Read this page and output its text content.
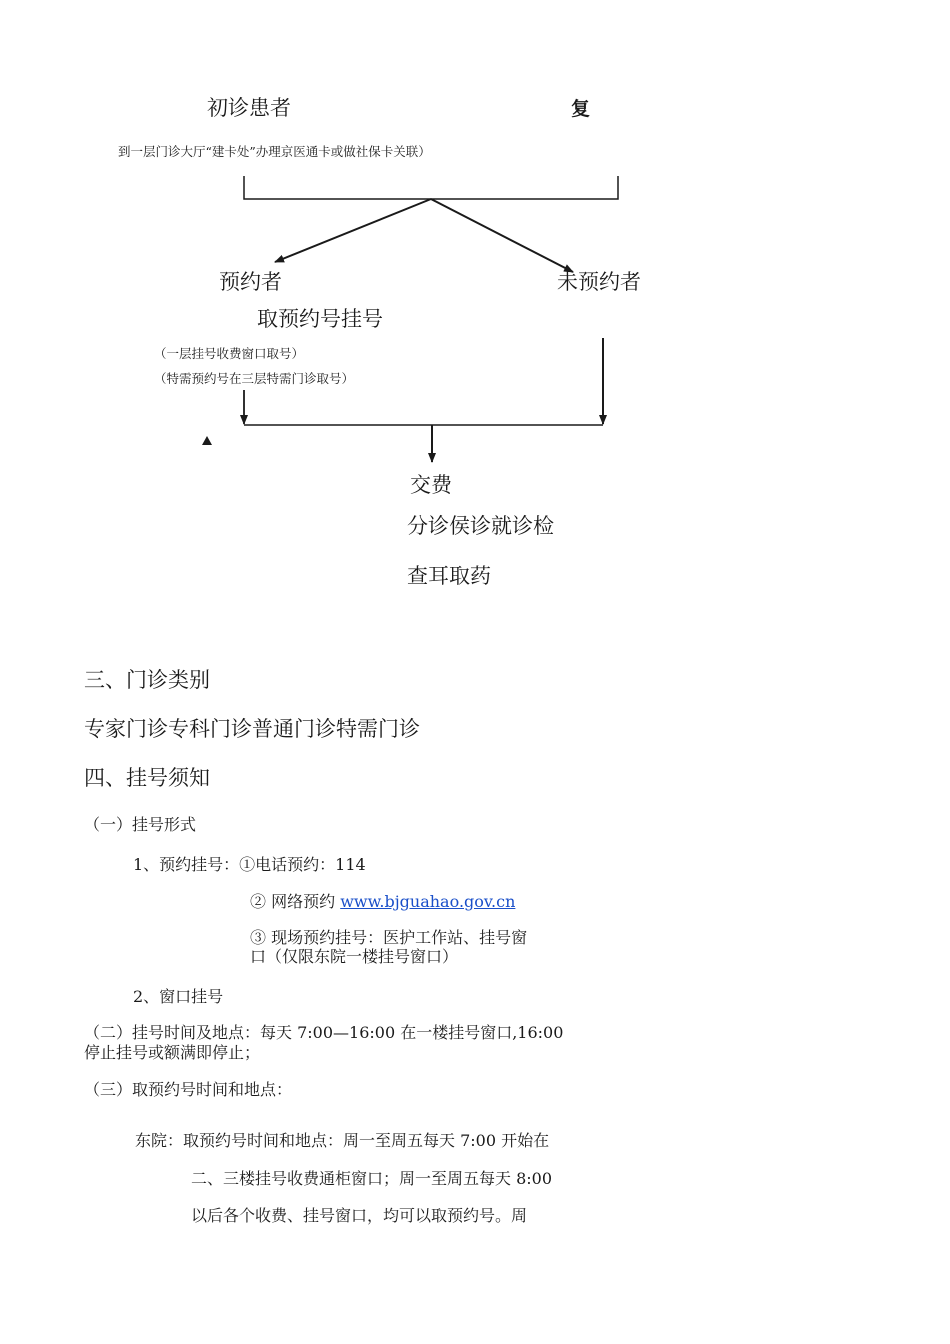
初诊患者	复
到一层门诊大厅“建卡处”办理京医通卡或做社保卡关联）
预约者	未预约者
取预约号挂号
（一层挂号收费窗口取号）
（特需预约号在三层特需门诊取号）
交费
分诊侯诊就诊检
查耳取药
三、门诊类别
专家门诊专科门诊普通门诊特需门诊
四、挂号须知
（一）挂号形式
1、预约挂号：①电话预约：114
② 网络预约 www.bjguahao.gov.cn
③ 现场预约挂号：医护工作站、挂号窗
口（仅限东院一楼挂号窗口）
2、窗口挂号
（二）挂号时间及地点：每天 7:00—16:00 在一楼挂号窗口,16:00
停止挂号或额满即停止；
（三）取预约号时间和地点：
东院：取预约号时间和地点：周一至周五每天 7:00 开始在
二、三楼挂号收费通柜窗口；周一至周五每天 8:00
以后各个收费、挂号窗口，均可以取预约号。周
